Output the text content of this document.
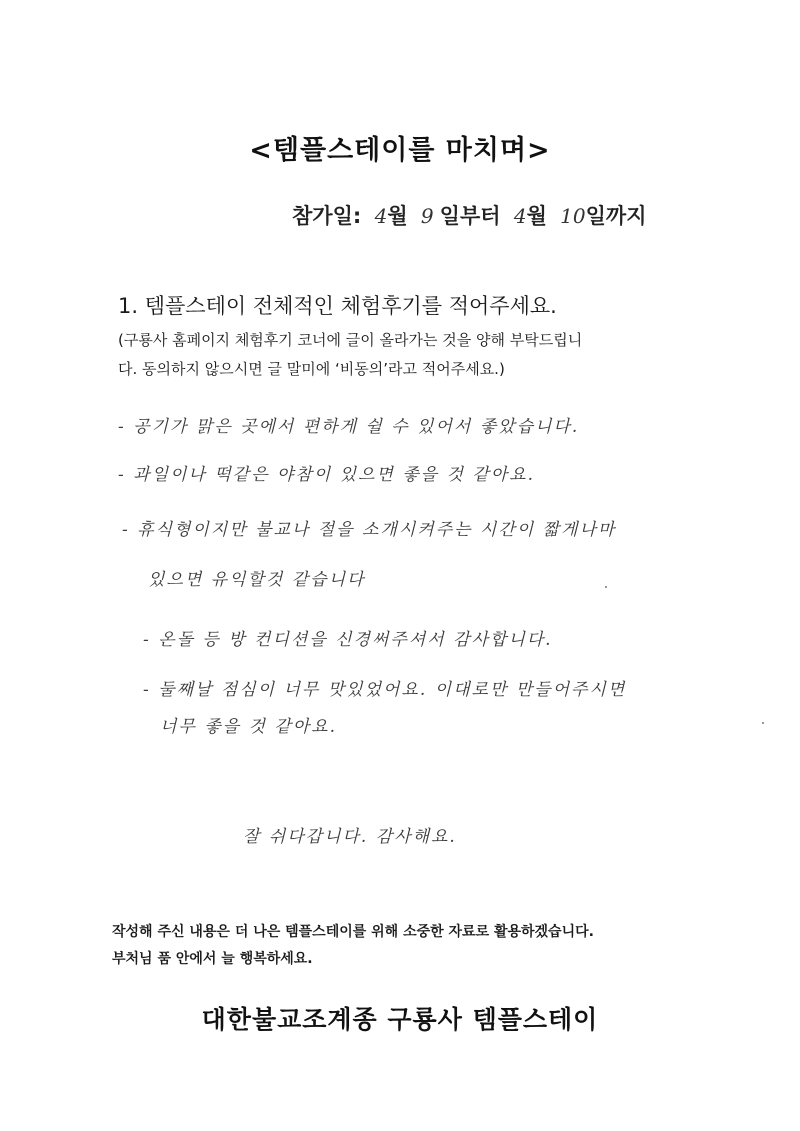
<템플스테이를 마치며>
참가일: 4월 9 일부터 4월 10일까지
1. 템플스테이 전체적인 체험후기를 적어주세요.
(구룡사 홈페이지 체험후기 코너에 글이 올라가는 것을 양해 부탁드립니
다. 동의하지 않으시면 글 말미에 ‘비동의’라고 적어주세요.)
- 공기가 맑은 곳에서 편하게 쉴 수 있어서 좋았습니다.
- 과일이나 떡같은 야참이 있으면 좋을 것 같아요.
- 휴식형이지만 불교나 절을 소개시켜주는 시간이 짧게나마
있으면 유익할것 같습니다
- 온돌 등 방 컨디션을 신경써주셔서 감사합니다.
- 둘째날 점심이 너무 맛있었어요. 이대로만 만들어주시면
너무 좋을 것 같아요.
잘 쉬다갑니다. 감사해요.
작성해 주신 내용은 더 나은 템플스테이를 위해 소중한 자료로 활용하겠습니다.
부처님 품 안에서 늘 행복하세요.
대한불교조계종 구룡사 템플스테이
